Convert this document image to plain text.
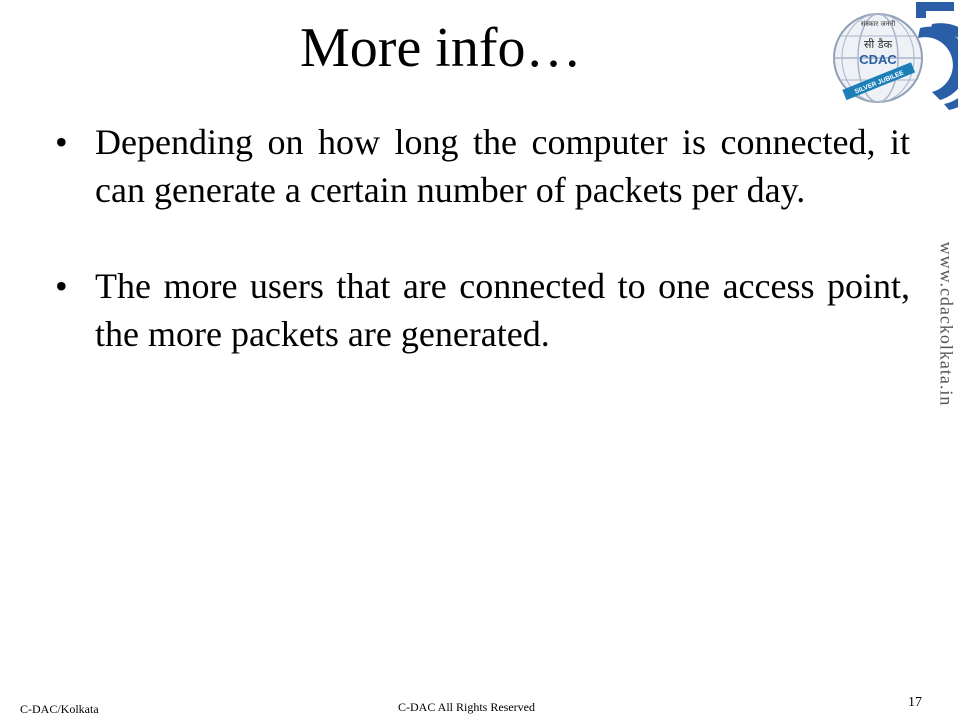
More info…
• Depending on how long the computer is connected, it can generate a certain number of packets per day.
• The more users that are connected to one access point, the more packets are generated.
संस्कार जननी
सी डैक
CDAC
SILVER JUBILEE
www.cdackolkata.in
C-DAC/Kolkata	C-DAC All Rights Reserved	17
